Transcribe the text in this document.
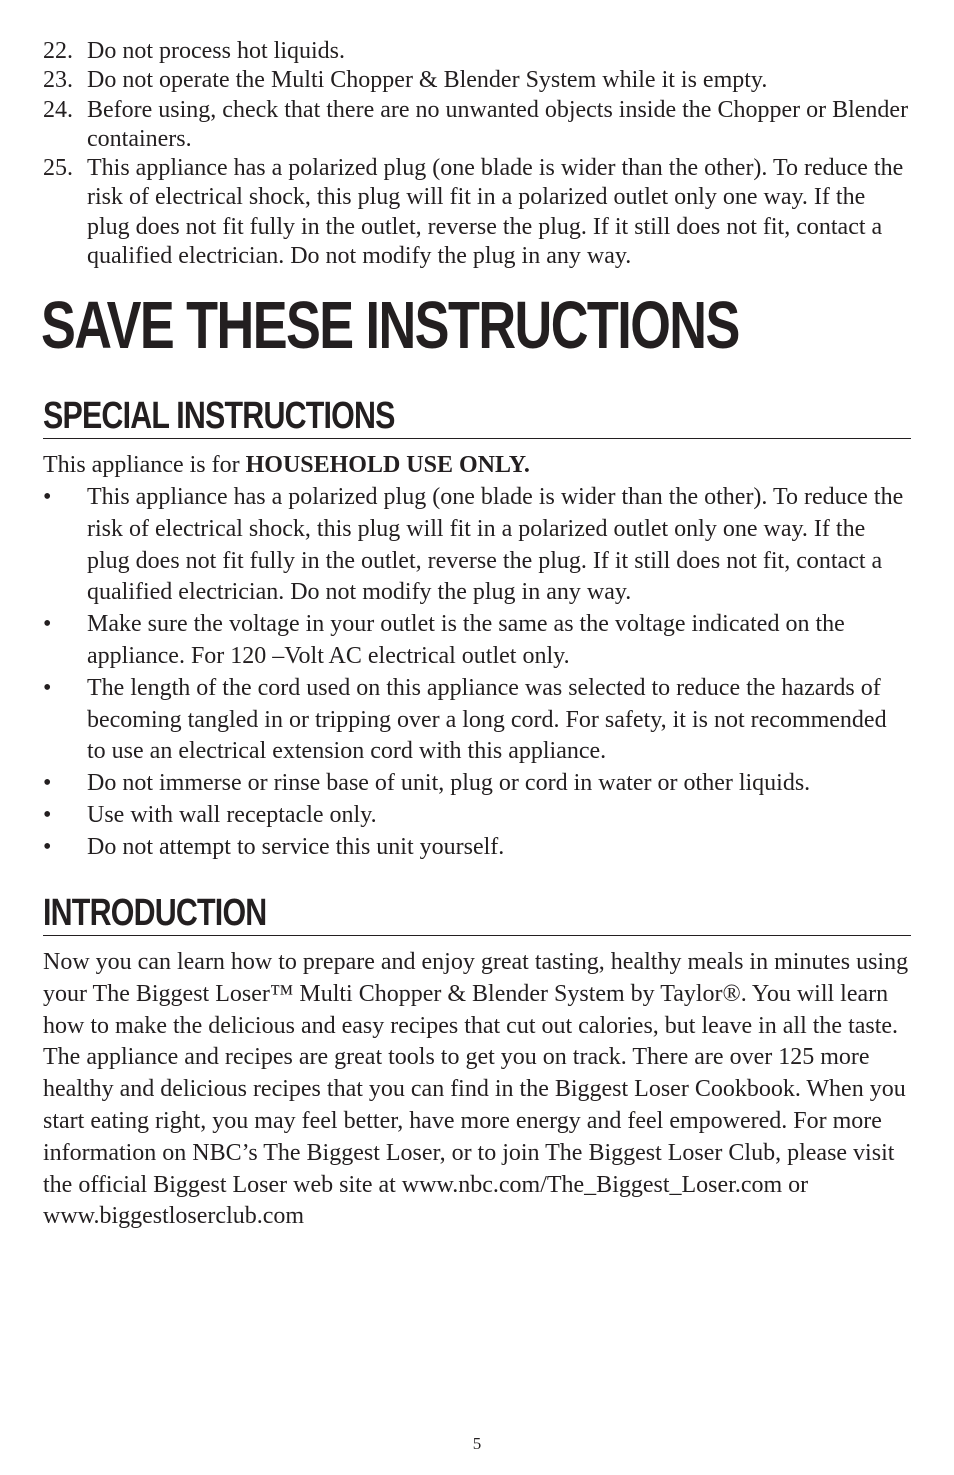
22. Do not process hot liquids.
23. Do not operate the Multi Chopper & Blender System while it is empty.
24. Before using, check that there are no unwanted objects inside the Chopper or Blender containers.
25. This appliance has a polarized plug (one blade is wider than the other). To reduce the risk of electrical shock, this plug will fit in a polarized outlet only one way. If the plug does not fit fully in the outlet, reverse the plug. If it still does not fit, contact a qualified electrician. Do not modify the plug in any way.
SAVE THESE INSTRUCTIONS
SPECIAL INSTRUCTIONS

This appliance is for HOUSEHOLD USE ONLY.

• This appliance has a polarized plug (one blade is wider than the other). To reduce the risk of electrical shock, this plug will fit in a polarized outlet only one way. If the plug does not fit fully in the outlet, reverse the plug. If it still does not fit, contact a qualified electrician. Do not modify the plug in any way.
• Make sure the voltage in your outlet is the same as the voltage indicated on the appliance. For 120 –Volt AC electrical outlet only.
• The length of the cord used on this appliance was selected to reduce the hazards of becoming tangled in or tripping over a long cord. For safety, it is not recommended to use an electrical extension cord with this appliance.
• Do not immerse or rinse base of unit, plug or cord in water or other liquids.
• Use with wall receptacle only.
• Do not attempt to service this unit yourself.
INTRODUCTION

Now you can learn how to prepare and enjoy great tasting, healthy meals in minutes using your The Biggest Loser™ Multi Chopper & Blender System by Taylor®. You will learn how to make the delicious and easy recipes that cut out calories, but leave in all the taste. The appliance and recipes are great tools to get you on track. There are over 125 more healthy and delicious recipes that you can find in the Biggest Loser Cookbook. When you start eating right, you may feel better, have more energy and feel empowered. For more information on NBC’s The Biggest Loser, or to join The Biggest Loser Club, please visit the official Biggest Loser web site at www.nbc.com/The_Biggest_Loser.com or www.biggestloserclub.com

5
